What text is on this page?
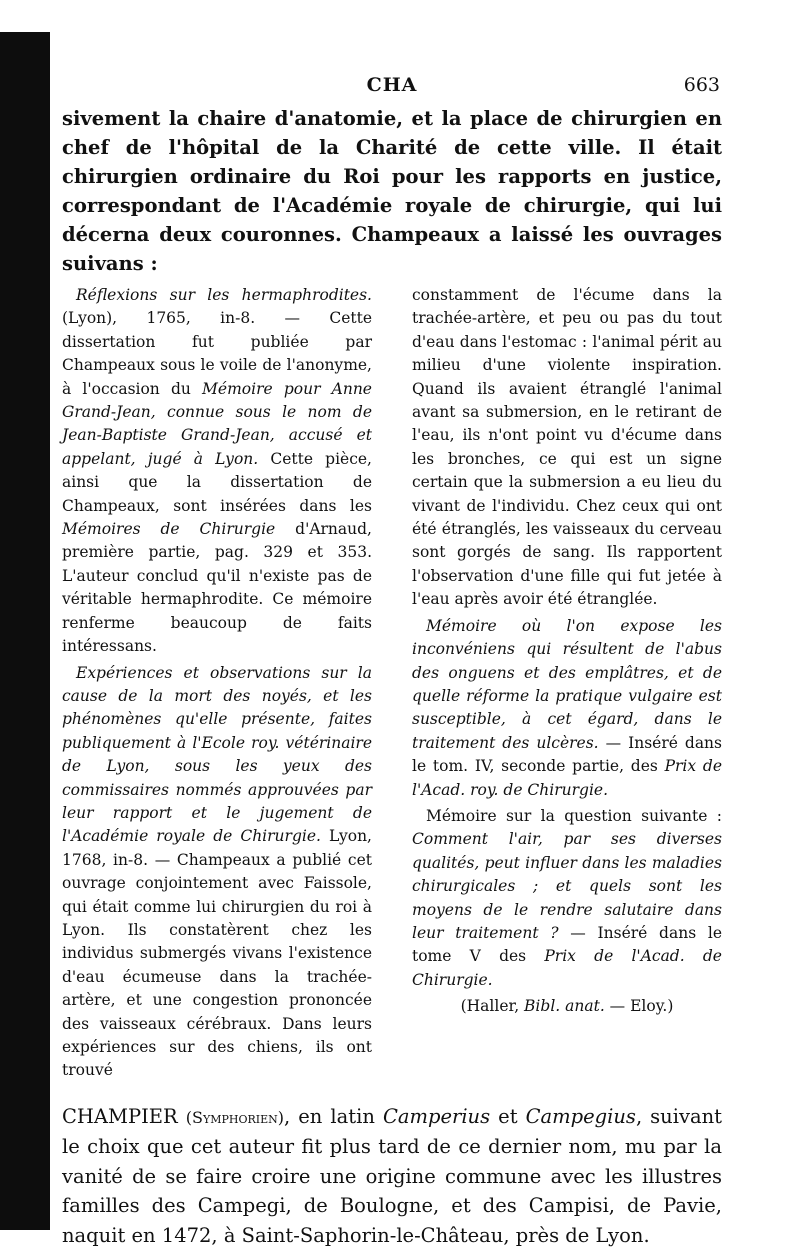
CHA	663

sivement la chaire d'anatomie, et la place de chirurgien en chef de l'hôpital de la Charité de cette ville. Il était chirurgien ordinaire du Roi pour les rapports en justice, correspondant de l'Académie royale de chirurgie, qui lui décerna deux couronnes. Champeaux a laissé les ouvrages suivans :

Réflexions sur les hermaphrodites. (Lyon), 1765, in-8. — Cette dissertation fut publiée par Champeaux sous le voile de l'anonyme, à l'occasion du Mémoire pour Anne Grand-Jean, connue sous le nom de Jean-Baptiste Grand-Jean, accusé et appelant, jugé à Lyon. Cette pièce, ainsi que la dissertation de Champeaux, sont insérées dans les Mémoires de Chirurgie d'Arnaud, première partie, pag. 329 et 353. L'auteur conclud qu'il n'existe pas de véritable hermaphrodite. Ce mémoire renferme beaucoup de faits intéressans.

Expériences et observations sur la cause de la mort des noyés, et les phénomènes qu'elle présente, faites publiquement à l'Ecole roy. vétérinaire de Lyon, sous les yeux des commissaires nommés approuvées par leur rapport et le jugement de l'Académie royale de Chirurgie. Lyon, 1768, in-8. — Champeaux a publié cet ouvrage conjointement avec Faissole, qui était comme lui chirurgien du roi à Lyon. Ils constatèrent chez les individus submergés vivans l'existence d'eau écumeuse dans la trachée-artère, et une congestion prononcée des vaisseaux cérébraux. Dans leurs expériences sur des chiens, ils ont trouvé

constamment de l'écume dans la trachée-artère, et peu ou pas du tout d'eau dans l'estomac : l'animal périt au milieu d'une violente inspiration. Quand ils avaient étranglé l'animal avant sa submersion, en le retirant de l'eau, ils n'ont point vu d'écume dans les bronches, ce qui est un signe certain que la submersion a eu lieu du vivant de l'individu. Chez ceux qui ont été étranglés, les vaisseaux du cerveau sont gorgés de sang. Ils rapportent l'observation d'une fille qui fut jetée à l'eau après avoir été étranglée.

Mémoire où l'on expose les inconvéniens qui résultent de l'abus des onguens et des emplâtres, et de quelle réforme la pratique vulgaire est susceptible, à cet égard, dans le traitement des ulcères. — Inséré dans le tom. IV, seconde partie, des Prix de l'Acad. roy. de Chirurgie.

Mémoire sur la question suivante : Comment l'air, par ses diverses qualités, peut influer dans les maladies chirurgicales ; et quels sont les moyens de le rendre salutaire dans leur traitement ? — Inséré dans le tome V des Prix de l'Acad. de Chirurgie.

(Haller, Bibl. anat. — Eloy.)

CHAMPIER (Symphorien), en latin Camperius et Campegius, suivant le choix que cet auteur fit plus tard de ce dernier nom, mu par la vanité de se faire croire une origine commune avec les illustres familles des Campegi, de Boulogne, et des Campisi, de Pavie, naquit en 1472, à Saint-Saphorin-le-Château, près de Lyon.
